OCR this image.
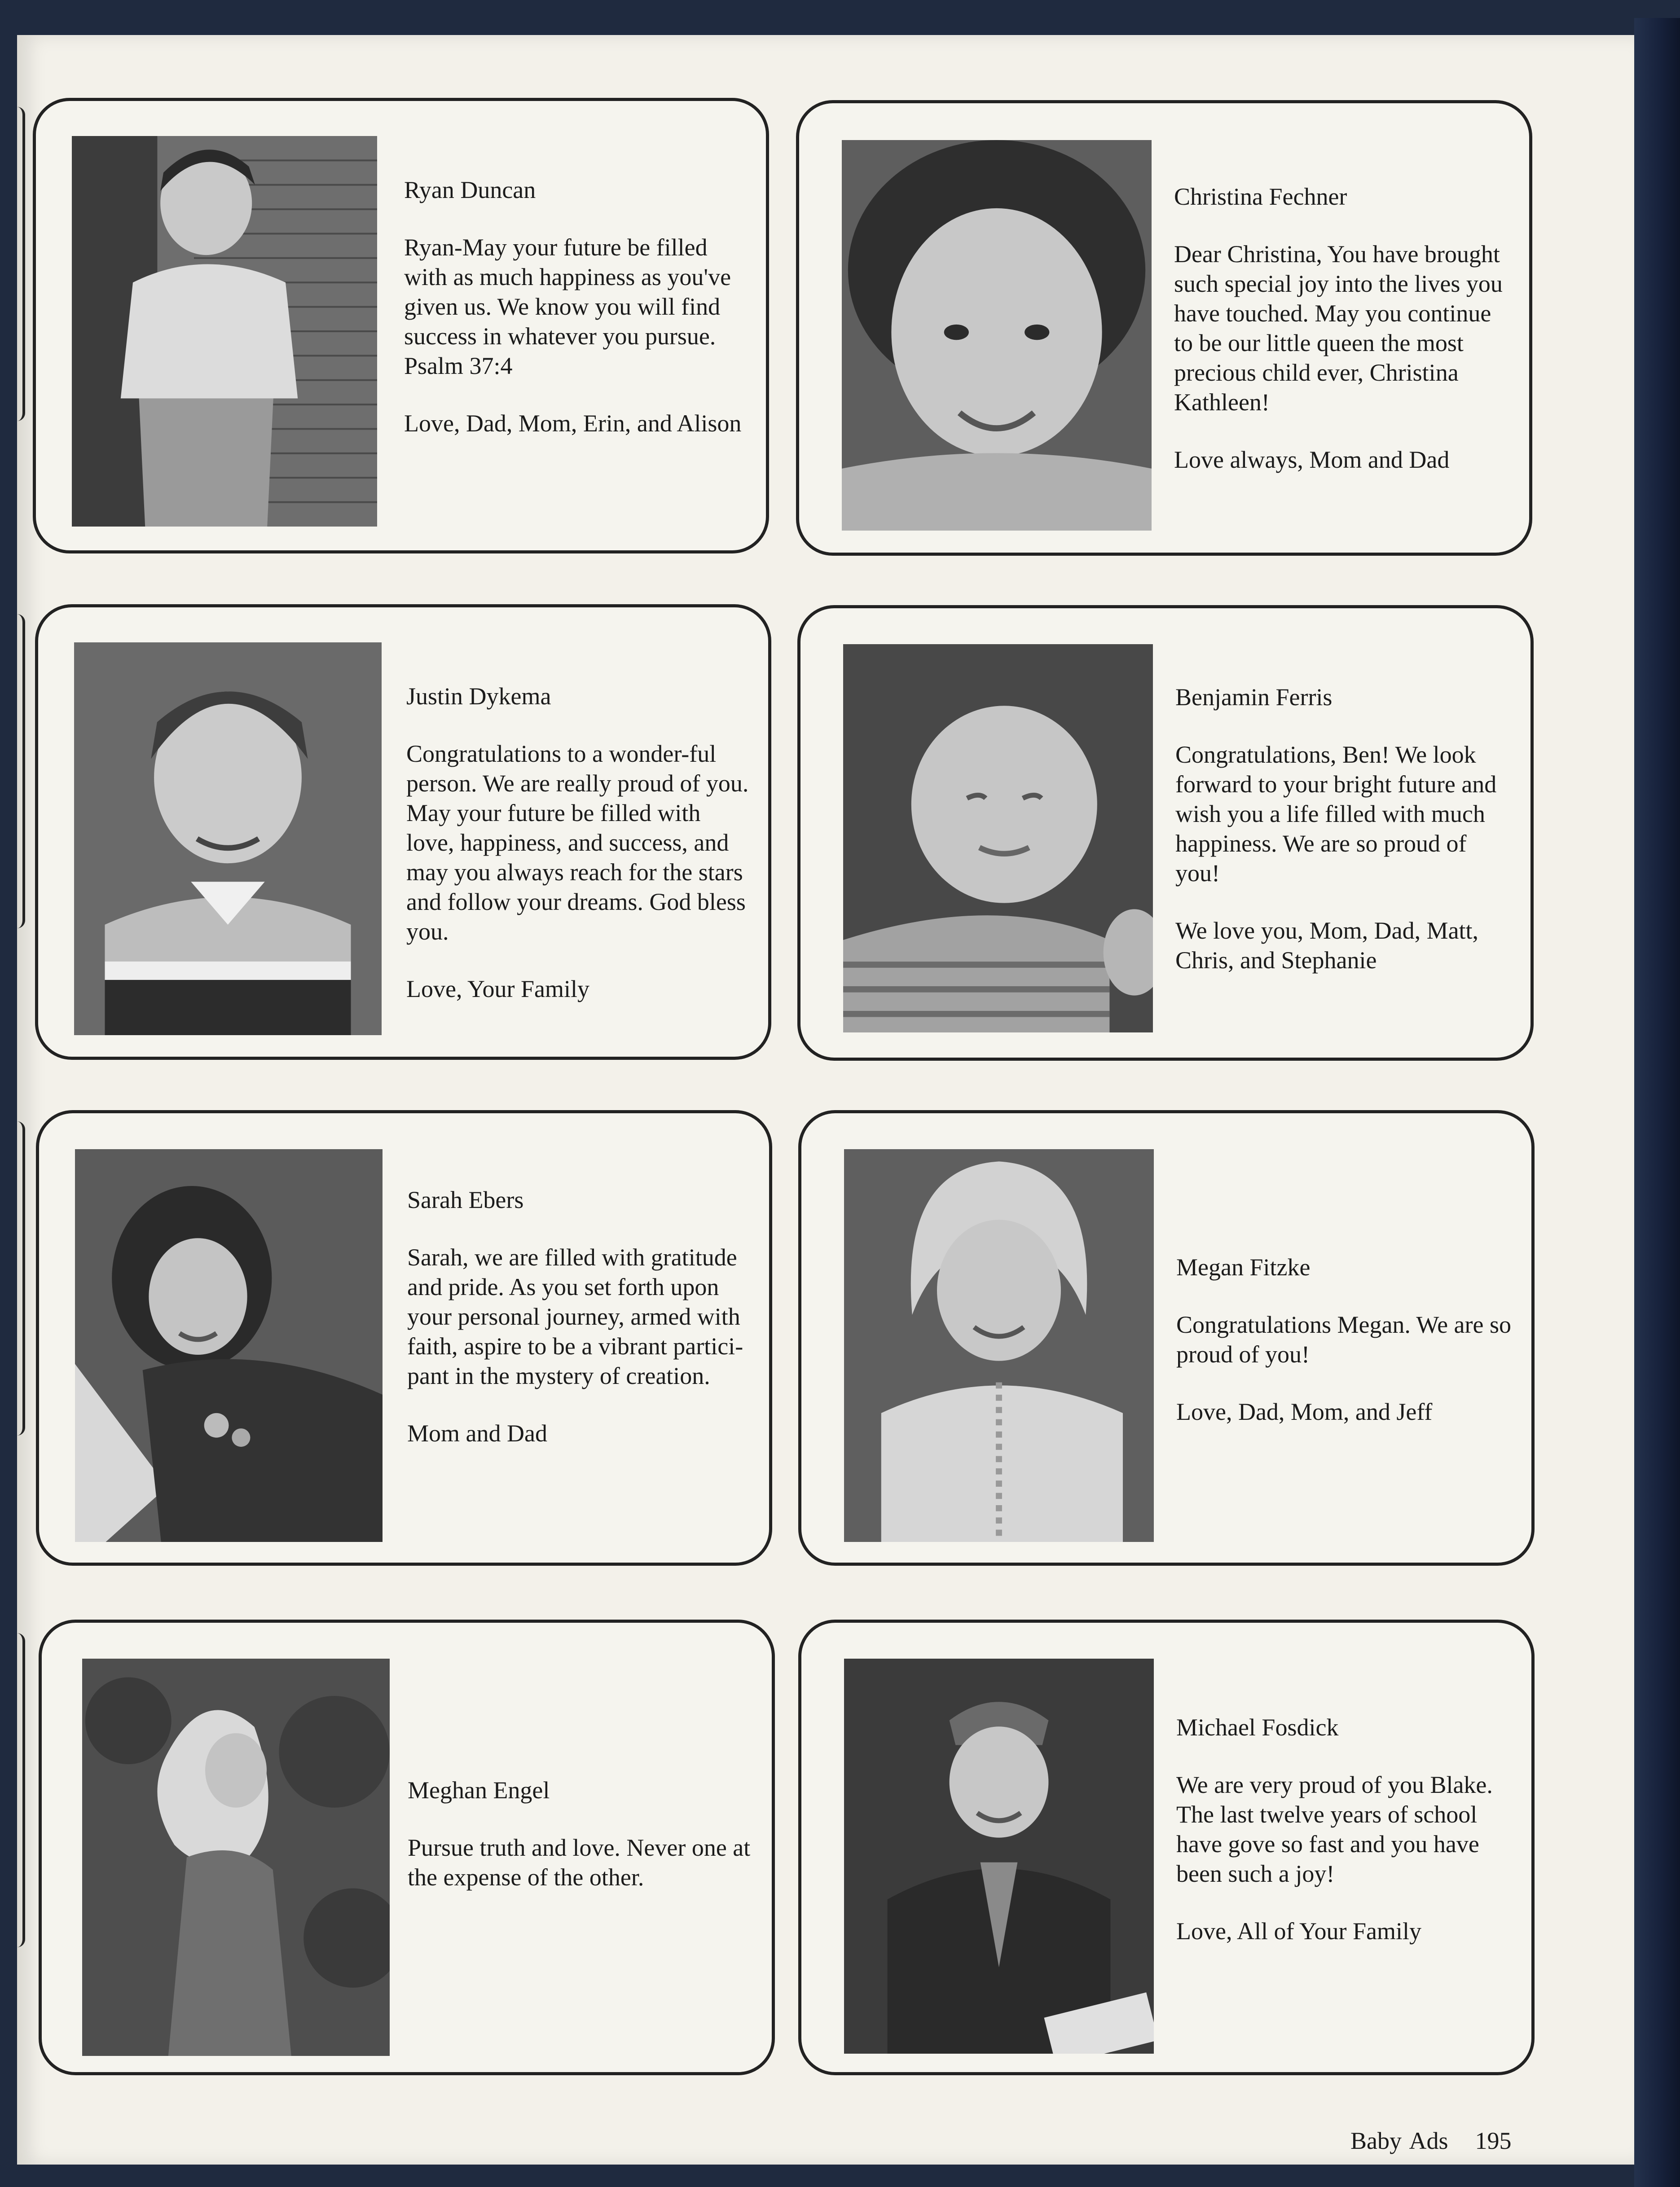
Ryan Duncan

Ryan-May your future be filled with as much happiness as you've given us. We know you will find success in whatever you pursue. Psalm 37:4

Love, Dad, Mom, Erin, and Alison

Christina Fechner

Dear Christina, You have brought such special joy into the lives you have touched. May you continue to be our little queen the most precious child ever, Christina Kathleen!

Love always, Mom and Dad

Justin Dykema

Congratulations to a wonder-ful person. We are really proud of you. May your future be filled with love, happiness, and success, and may you always reach for the stars and follow your dreams. God bless you.

Love, Your Family

Benjamin Ferris

Congratulations, Ben! We look forward to your bright future and wish you a life filled with much happiness. We are so proud of you!

We love you, Mom, Dad, Matt, Chris, and Stephanie

Sarah Ebers

Sarah, we are filled with gratitude and pride. As you set forth upon your personal journey, armed with faith, aspire to be a vibrant partici-pant in the mystery of creation.

Mom and Dad

Megan Fitzke

Congratulations Megan. We are so proud of you!

Love, Dad, Mom, and Jeff

Meghan Engel

Pursue truth and love. Never one at the expense of the other.

Michael Fosdick

We are very proud of you Blake. The last twelve years of school have gove so fast and you have been such a joy!

Love, All of Your Family

Baby Ads 195
